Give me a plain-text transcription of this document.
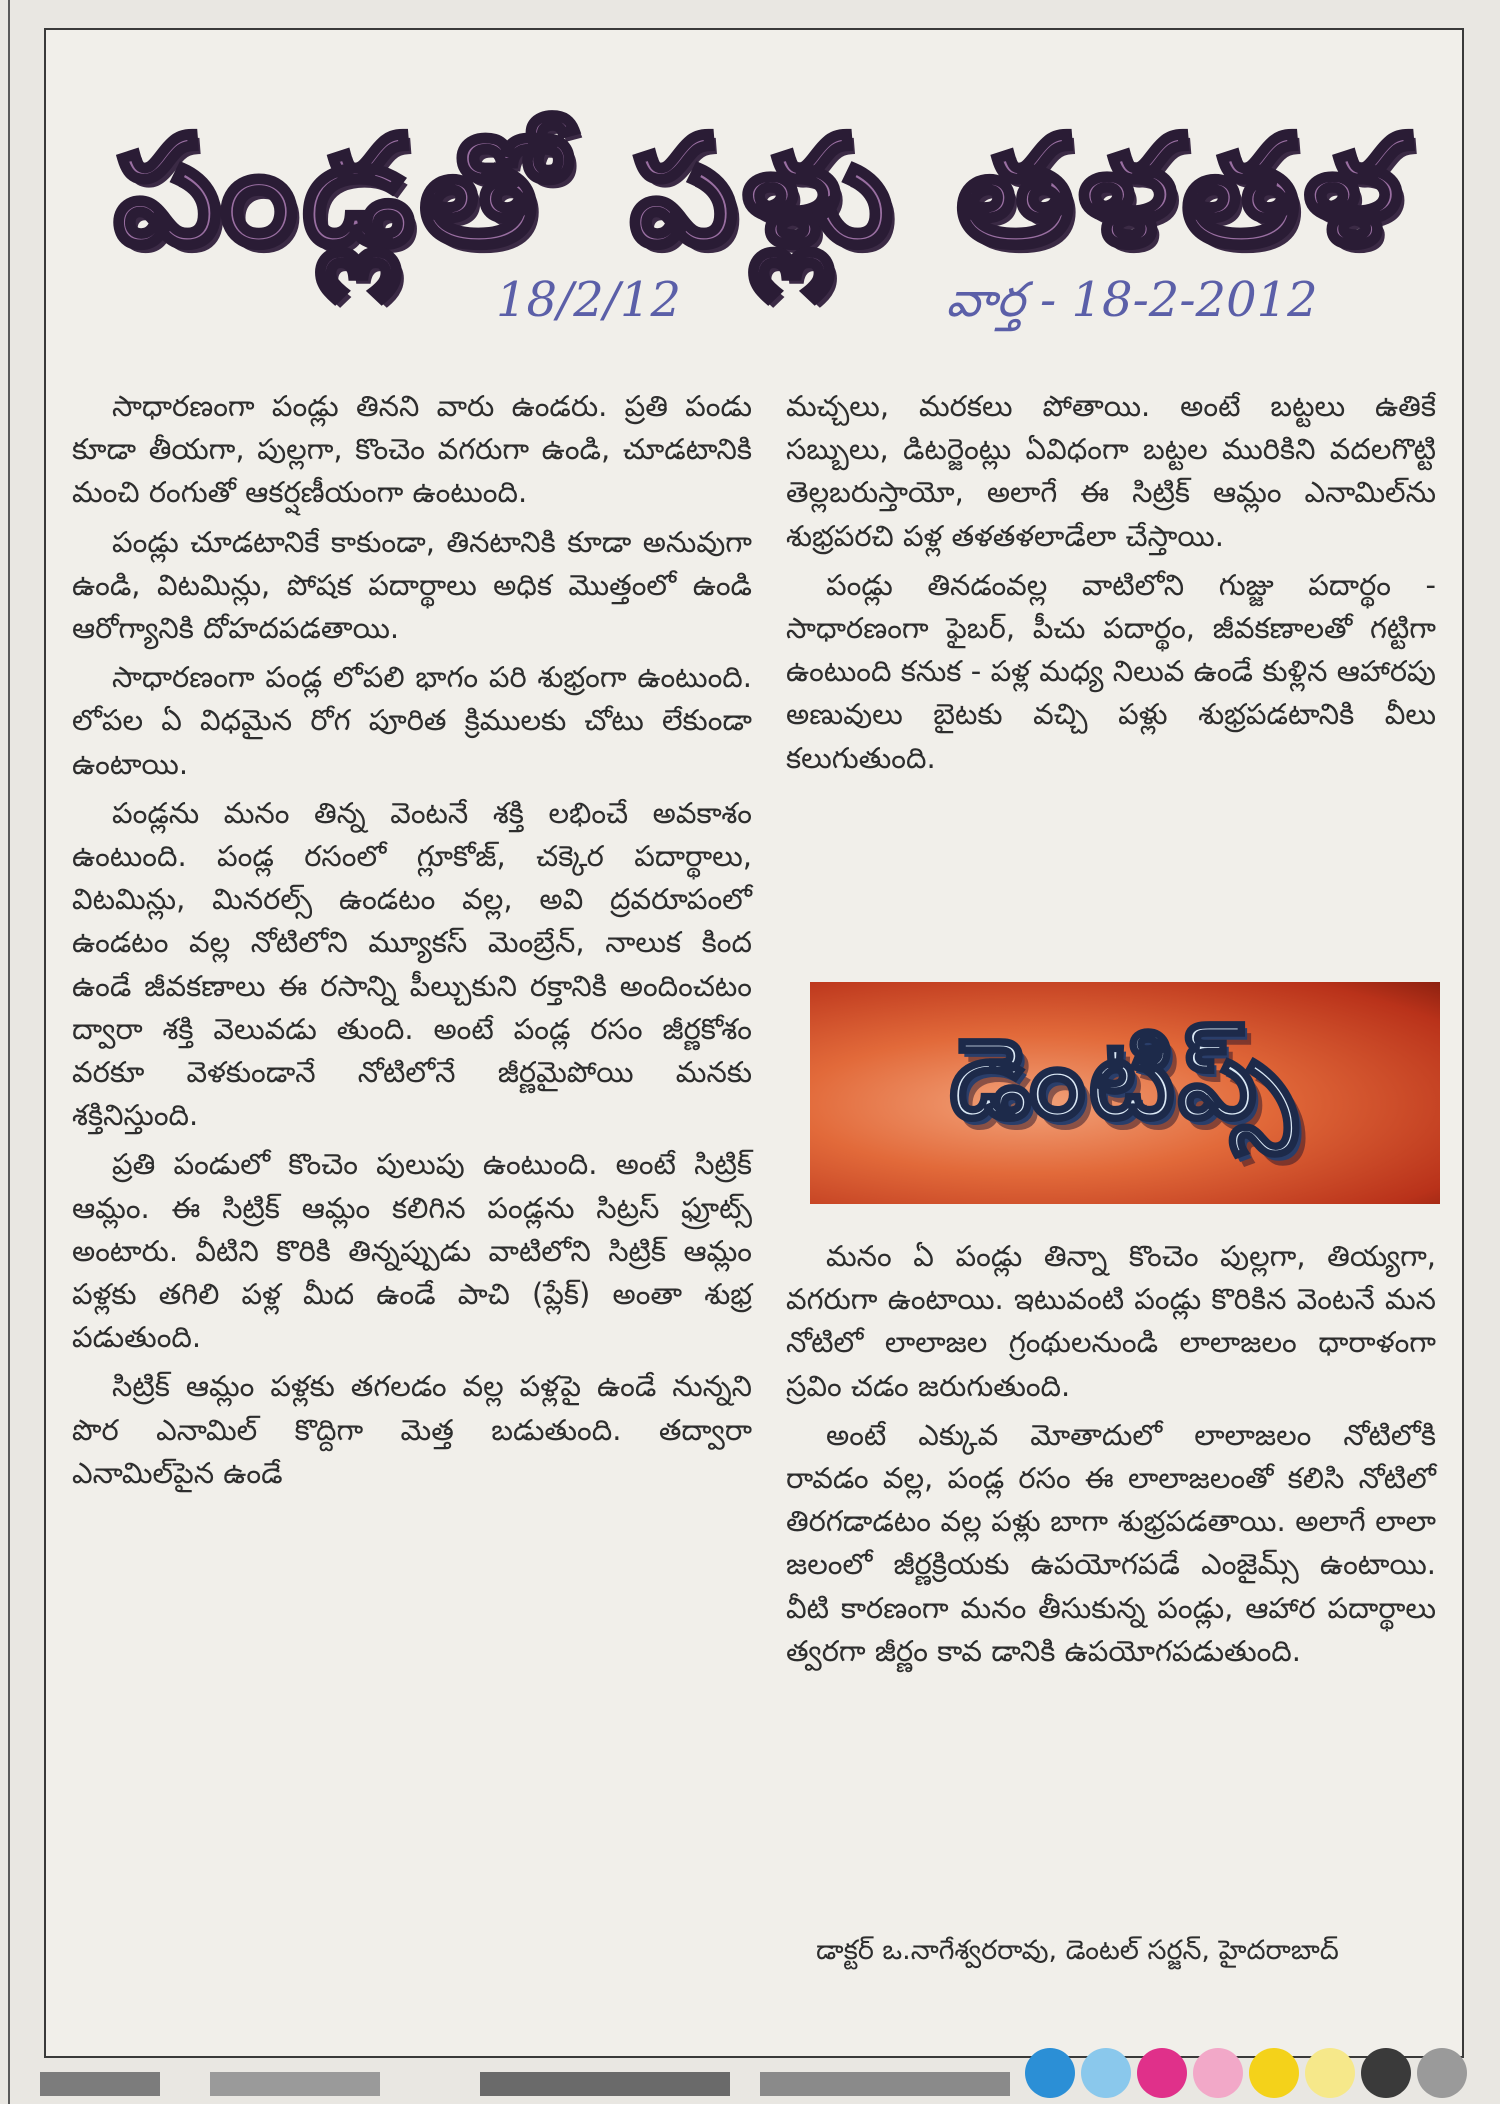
పండ్లతో పళ్లు తళతళ
18/2/12	వార్త - 18-2-2012

సాధారణంగా పండ్లు తినని వారు ఉండరు. ప్రతి పండు కూడా తీయగా, పుల్లగా, కొంచెం వగరుగా ఉండి, చూడటానికి మంచి రంగుతో ఆకర్షణీయంగా ఉంటుంది.

పండ్లు చూడటానికే కాకుండా, తినటానికి కూడా అనువుగా ఉండి, విటమిన్లు, పోషక పదార్థాలు అధిక మొత్తంలో ఉండి ఆరోగ్యానికి దోహదపడతాయి.

సాధారణంగా పండ్ల లోపలి భాగం పరి శుభ్రంగా ఉంటుంది. లోపల ఏ విధమైన రోగ పూరిత క్రిములకు చోటు లేకుండా ఉంటాయి.

పండ్లను మనం తిన్న వెంటనే శక్తి లభించే అవకాశం ఉంటుంది. పండ్ల రసంలో గ్లూకోజ్, చక్కెర పదార్థాలు, విటమిన్లు, మినరల్స్ ఉండటం వల్ల, అవి ద్రవరూపంలో ఉండటం వల్ల నోటిలోని మ్యూకస్ మెంబ్రేన్, నాలుక కింద ఉండే జీవకణాలు ఈ రసాన్ని పీల్చుకుని రక్తానికి అందించటం ద్వారా శక్తి వెలువడు తుంది. అంటే పండ్ల రసం జీర్ణకోశం వరకూ వెళకుండానే నోటిలోనే జీర్ణమైపోయి మనకు శక్తినిస్తుంది.

ప్రతి పండులో కొంచెం పులుపు ఉంటుంది. అంటే సిట్రిక్ ఆమ్లం. ఈ సిట్రిక్ ఆమ్లం కలిగిన పండ్లను సిట్రస్ ఫ్రూట్స్ అంటారు. వీటిని కొరికి తిన్నప్పుడు వాటిలోని సిట్రిక్ ఆమ్లం పళ్లకు తగిలి పళ్ల మీద ఉండే పాచి (ప్లేక్) అంతా శుభ్ర పడుతుంది.

సిట్రిక్ ఆమ్లం పళ్లకు తగలడం వల్ల పళ్లపై ఉండే నున్నని పొర ఎనామిల్ కొద్దిగా మెత్త బడుతుంది. తద్వారా ఎనామిల్‌పైన ఉండే

మచ్చలు, మరకలు పోతాయి. అంటే బట్టలు ఉతికే సబ్బులు, డిటర్జెంట్లు ఏవిధంగా బట్టల మురికిని వదలగొట్టి తెల్లబరుస్తాయో, అలాగే ఈ సిట్రిక్ ఆమ్లం ఎనామిల్‌ను శుభ్రపరచి పళ్ల తళతళలాడేలా చేస్తాయి.

పండ్లు తినడంవల్ల వాటిలోని గుజ్జు పదార్థం - సాధారణంగా ఫైబర్, పీచు పదార్థం, జీవకణాలతో గట్టిగా ఉంటుంది కనుక - పళ్ల మధ్య నిలువ ఉండే కుళ్లిన ఆహారపు అణువులు బైటకు వచ్చి పళ్లు శుభ్రపడటానికి వీలు కలుగుతుంది.

డెంటిప్స్

మనం ఏ పండ్లు తిన్నా కొంచెం పుల్లగా, తియ్యగా, వగరుగా ఉంటాయి. ఇటువంటి పండ్లు కొరికిన వెంటనే మన నోటిలో లాలాజల గ్రంథులనుండి లాలాజలం ధారాళంగా స్రవిం చడం జరుగుతుంది.

అంటే ఎక్కువ మోతాదులో లాలాజలం నోటిలోకి రావడం వల్ల, పండ్ల రసం ఈ లాలాజలంతో కలిసి నోటిలో తిరగడాడటం వల్ల పళ్లు బాగా శుభ్రపడతాయి. అలాగే లాలా జలంలో జీర్ణక్రియకు ఉపయోగపడే ఎంజైమ్స్ ఉంటాయి. వీటి కారణంగా మనం తీసుకున్న పండ్లు, ఆహార పదార్థాలు త్వరగా జీర్ణం కావ డానికి ఉపయోగపడుతుంది.

డాక్టర్ ఒ.నాగేశ్వరరావు, డెంటల్ సర్జన్, హైదరాబాద్
